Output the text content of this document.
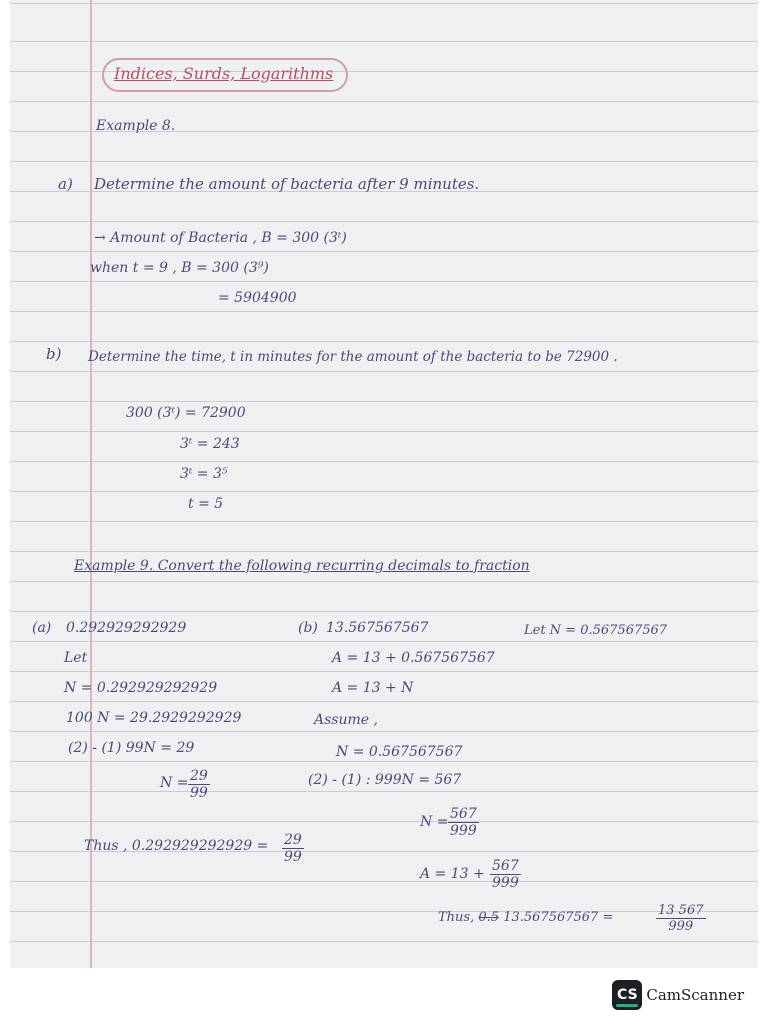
Indices, Surds, Logarithms
Example 8.
a) Determine the amount of bacteria after 9 minutes.
→ Amount of Bacteria , B = 300 (3ᵗ)
when t = 9 , B = 300 (3⁹)
= 5904900
b) Determine the time, t in minutes for the amount of the bacteria to be 72900 .
300 (3ᵗ) = 72900
3ᵗ = 243
3ᵗ = 3⁵
t = 5
Example 9. Convert the following recurring decimals to fraction
(a) 0.292929292929
Let
N = 0.292929292929
100 N = 29.2929292929
(2) - (1) 99N = 29
$N = \frac{29}{99}$
Thus , $0.292929292929 = \frac{29}{99}$
(b) 13.567567567	Let N = 0.567567567
A = 13 + 0.567567567
A = 13 + N
Assume ,
N = 0.567567567
(2) - (1) : 999N = 567
$N = \frac{567}{999}$
$A = 13 + \frac{567}{999}$
Thus, 0.5 13.567567567 =	$\frac{13 567}{999}$
CS CamScanner
